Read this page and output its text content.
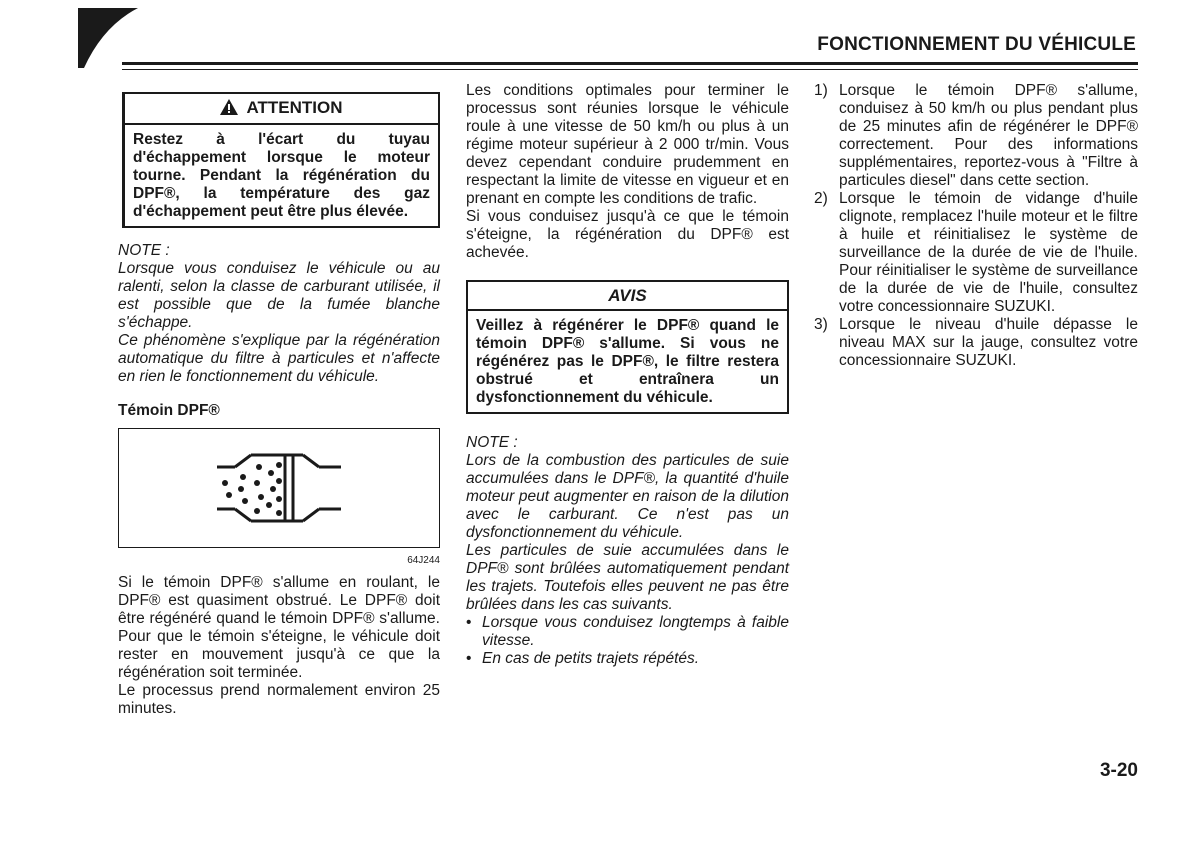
FONCTIONNEMENT DU VÉHICULE
ATTENTION
Restez à l'écart du tuyau d'échappement lorsque le moteur tourne. Pendant la régénération du DPF®, la température des gaz d'échappement peut être plus élevée.

NOTE :

Lorsque vous conduisez le véhicule ou au ralenti, selon la classe de carburant utilisée, il est possible que de la fumée blanche s'échappe.

Ce phénomène s'explique par la régénération automatique du filtre à particules et n'affecte en rien le fonctionnement du véhicule.

Témoin DPF®

64J244

Si le témoin DPF® s'allume en roulant, le DPF® est quasiment obstrué. Le DPF® doit être régénéré quand le témoin DPF® s'allume. Pour que le témoin s'éteigne, le véhicule doit rester en mouvement jusqu'à ce que la régénération soit terminée.

Le processus prend normalement environ 25 minutes.

Les conditions optimales pour terminer le processus sont réunies lorsque le véhicule roule à une vitesse de 50 km/h ou plus à un régime moteur supérieur à 2 000 tr/min. Vous devez cependant conduire prudemment en respectant la limite de vitesse en vigueur et en prenant en compte les conditions de trafic.

Si vous conduisez jusqu'à ce que le témoin s'éteigne, la régénération du DPF® est achevée.

AVIS
Veillez à régénérer le DPF® quand le témoin DPF® s'allume. Si vous ne régénérez pas le DPF®, le filtre restera obstrué et entraînera un dysfonctionnement du véhicule.

NOTE :

Lors de la combustion des particules de suie accumulées dans le DPF®, la quantité d'huile moteur peut augmenter en raison de la dilution avec le carburant. Ce n'est pas un dysfonctionnement du véhicule.

Les particules de suie accumulées dans le DPF® sont brûlées automatiquement pendant les trajets. Toutefois elles peuvent ne pas être brûlées dans les cas suivants.

• Lorsque vous conduisez longtemps à faible vitesse.
• En cas de petits trajets répétés.
1) Lorsque le témoin DPF® s'allume, conduisez à 50 km/h ou plus pendant plus de 25 minutes afin de régénérer le DPF® correctement. Pour des informations supplémentaires, reportez-vous à "Filtre à particules diesel" dans cette section.
2) Lorsque le témoin de vidange d'huile clignote, remplacez l'huile moteur et le filtre à huile et réinitialisez le système de surveillance de la durée de vie de l'huile. Pour réinitialiser le système de surveillance de la durée de vie de l'huile, consultez votre concessionnaire SUZUKI.
3) Lorsque le niveau d'huile dépasse le niveau MAX sur la jauge, consultez votre concessionnaire SUZUKI.
3-20
